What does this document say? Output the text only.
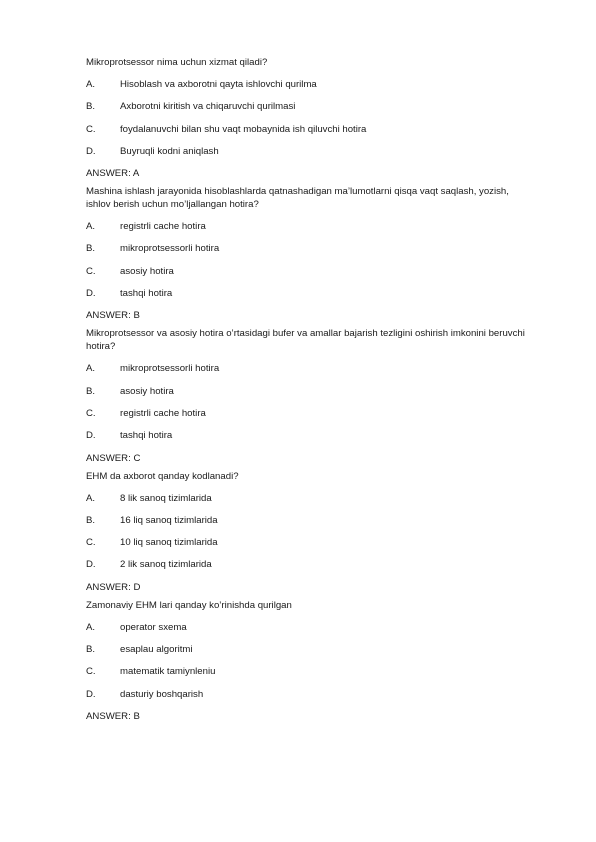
Mikroprotsessor nima uchun xizmat qiladi?

A.	Hisoblash va axborotni qayta ishlovchi qurilma
B.	Axborotni kiritish va chiqaruvchi qurilmasi
C.	foydalanuvchi bilan shu vaqt mobaynida ish qiluvchi hotira
D.	Buyruqli kodni aniqlash

ANSWER: A

Mashina ishlash jarayonida hisoblashlarda qatnashadigan ma’lumotlarni qisqa vaqt saqlash, yozish, ishlov berish uchun mo’ljallangan hotira?

A.	registrli cache hotira
B.	mikroprotsessorli hotira
C.	asosiy hotira
D.	tashqi hotira

ANSWER: B

Mikroprotsessor va asosiy hotira o’rtasidagi bufer va amallar bajarish tezligini oshirish imkonini beruvchi hotira?

A.	mikroprotsessorli hotira
B.	asosiy hotira
C.	registrli cache hotira
D.	tashqi hotira

ANSWER: C

EHM da axborot qanday kodlanadi?

A.	8 lik sanoq tizimlarida
B.	16 liq sanoq tizimlarida
C.	10 liq sanoq tizimlarida
D.	2 lik sanoq tizimlarida

ANSWER: D

Zamonaviy EHM lari qanday ko’rinishda qurilgan

A.	operator sxema
B.	esaplau algoritmi
C.	matematik tamiynleniu
D.	dasturiy boshqarish

ANSWER: B
